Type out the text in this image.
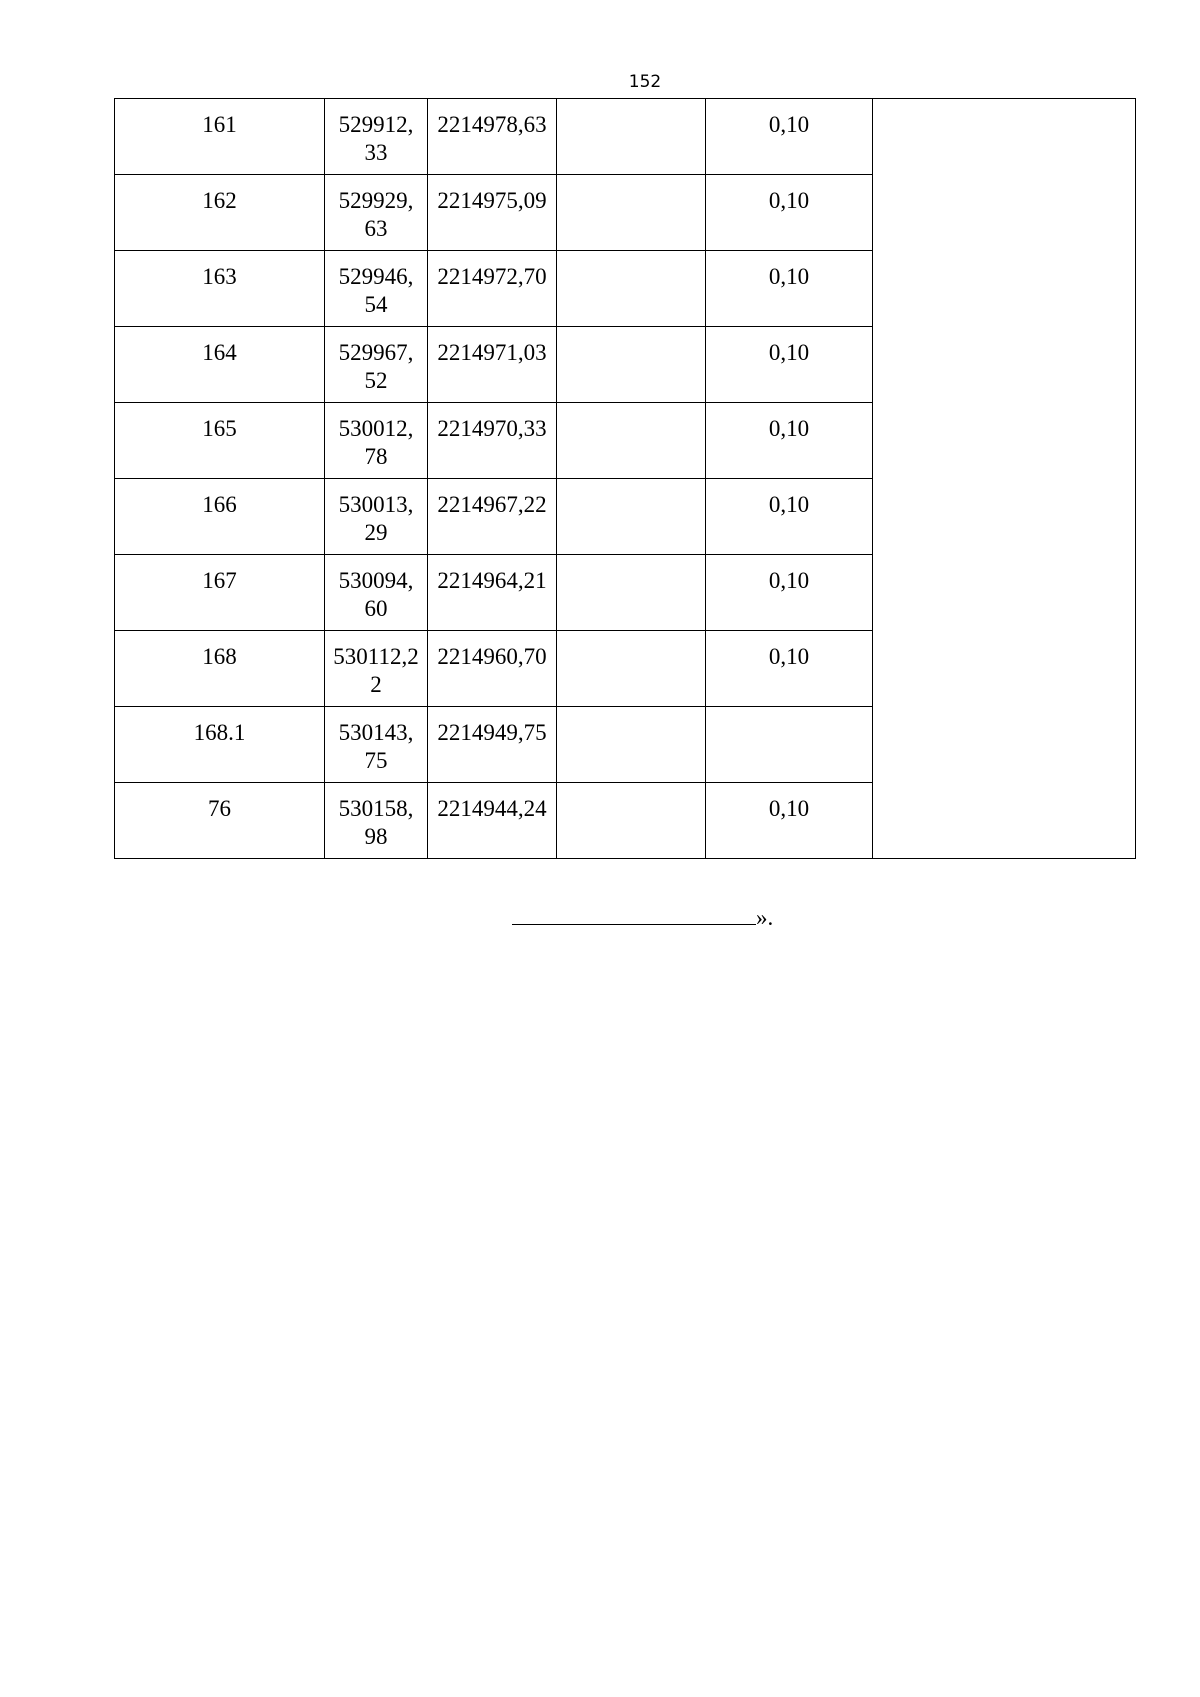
152
161	529912,33	2214978,63		0,10	

162	529929,63	2214975,09		0,10	

163	529946,54	2214972,70		0,10	

164	529967,52	2214971,03		0,10	

165	530012,78	2214970,33		0,10	

166	530013,29	2214967,22		0,10	

167	530094,60	2214964,21		0,10	

168	530112,22	2214960,70		0,10	

168.1	530143,75	2214949,75			

76	530158,98	2214944,24		0,10	
».
